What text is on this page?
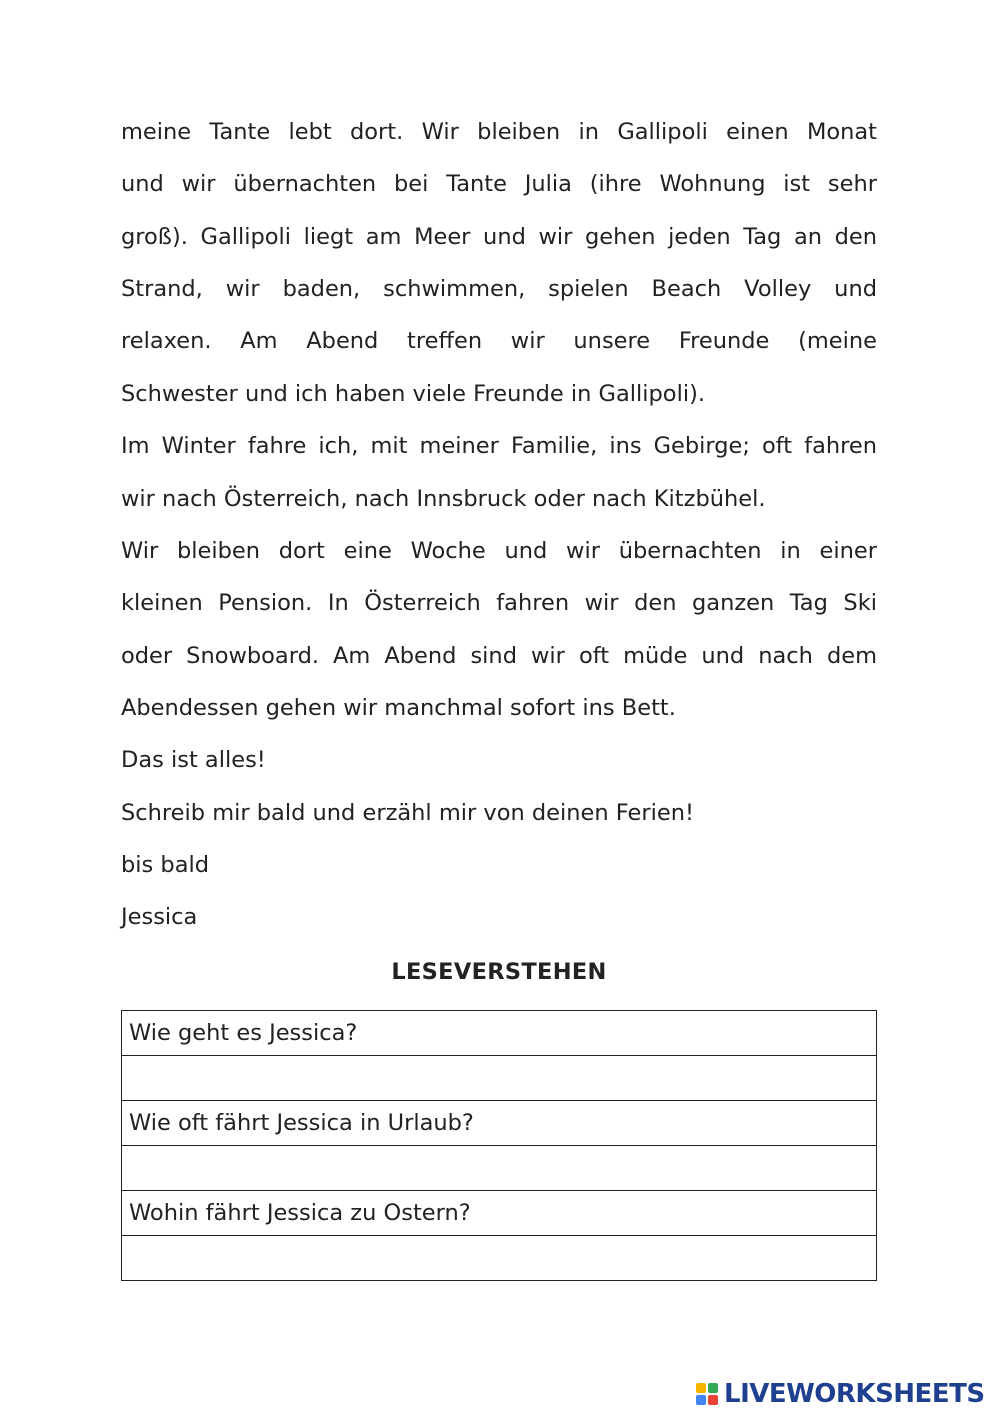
meine Tante lebt dort. Wir bleiben in Gallipoli einen Monat
und wir übernachten bei Tante Julia (ihre Wohnung ist sehr
groß). Gallipoli liegt am Meer und wir gehen jeden Tag an den
Strand, wir baden, schwimmen, spielen Beach Volley und
relaxen. Am Abend treffen wir unsere Freunde (meine
Schwester und ich haben viele Freunde in Gallipoli).
Im Winter fahre ich, mit meiner Familie, ins Gebirge; oft fahren
wir nach Österreich, nach Innsbruck oder nach Kitzbühel.
Wir bleiben dort eine Woche und wir übernachten in einer
kleinen Pension. In Österreich fahren wir den ganzen Tag Ski
oder Snowboard. Am Abend sind wir oft müde und nach dem
Abendessen gehen wir manchmal sofort ins Bett.
Das ist alles!
Schreib mir bald und erzähl mir von deinen Ferien!
bis bald
Jessica
LESEVERSTEHEN
Wie geht es Jessica?

Wie oft fährt Jessica in Urlaub?

Wohin fährt Jessica zu Ostern?

LIVEWORKSHEETS
